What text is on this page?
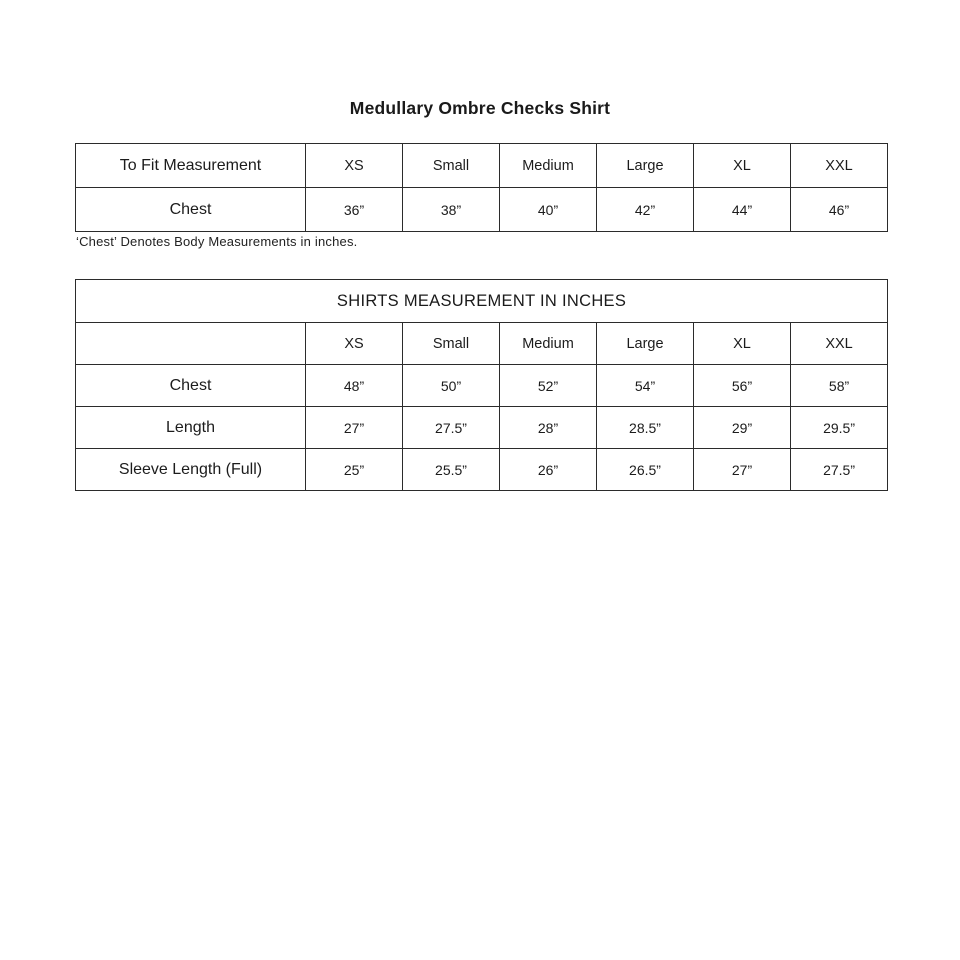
Medullary Ombre Checks Shirt
To Fit Measurement	XS	Small	Medium	Large	XL	XXL
Chest	36”	38”	40”	42”	44”	46”
‘Chest’ Denotes Body Measurements in inches.
SHIRTS MEASUREMENT IN INCHES						
	XS	Small	Medium	Large	XL	XXL
Chest	48”	50”	52”	54”	56”	58”
Length	27”	27.5”	28”	28.5”	29”	29.5”
Sleeve Length (Full)	25”	25.5”	26”	26.5”	27”	27.5”
